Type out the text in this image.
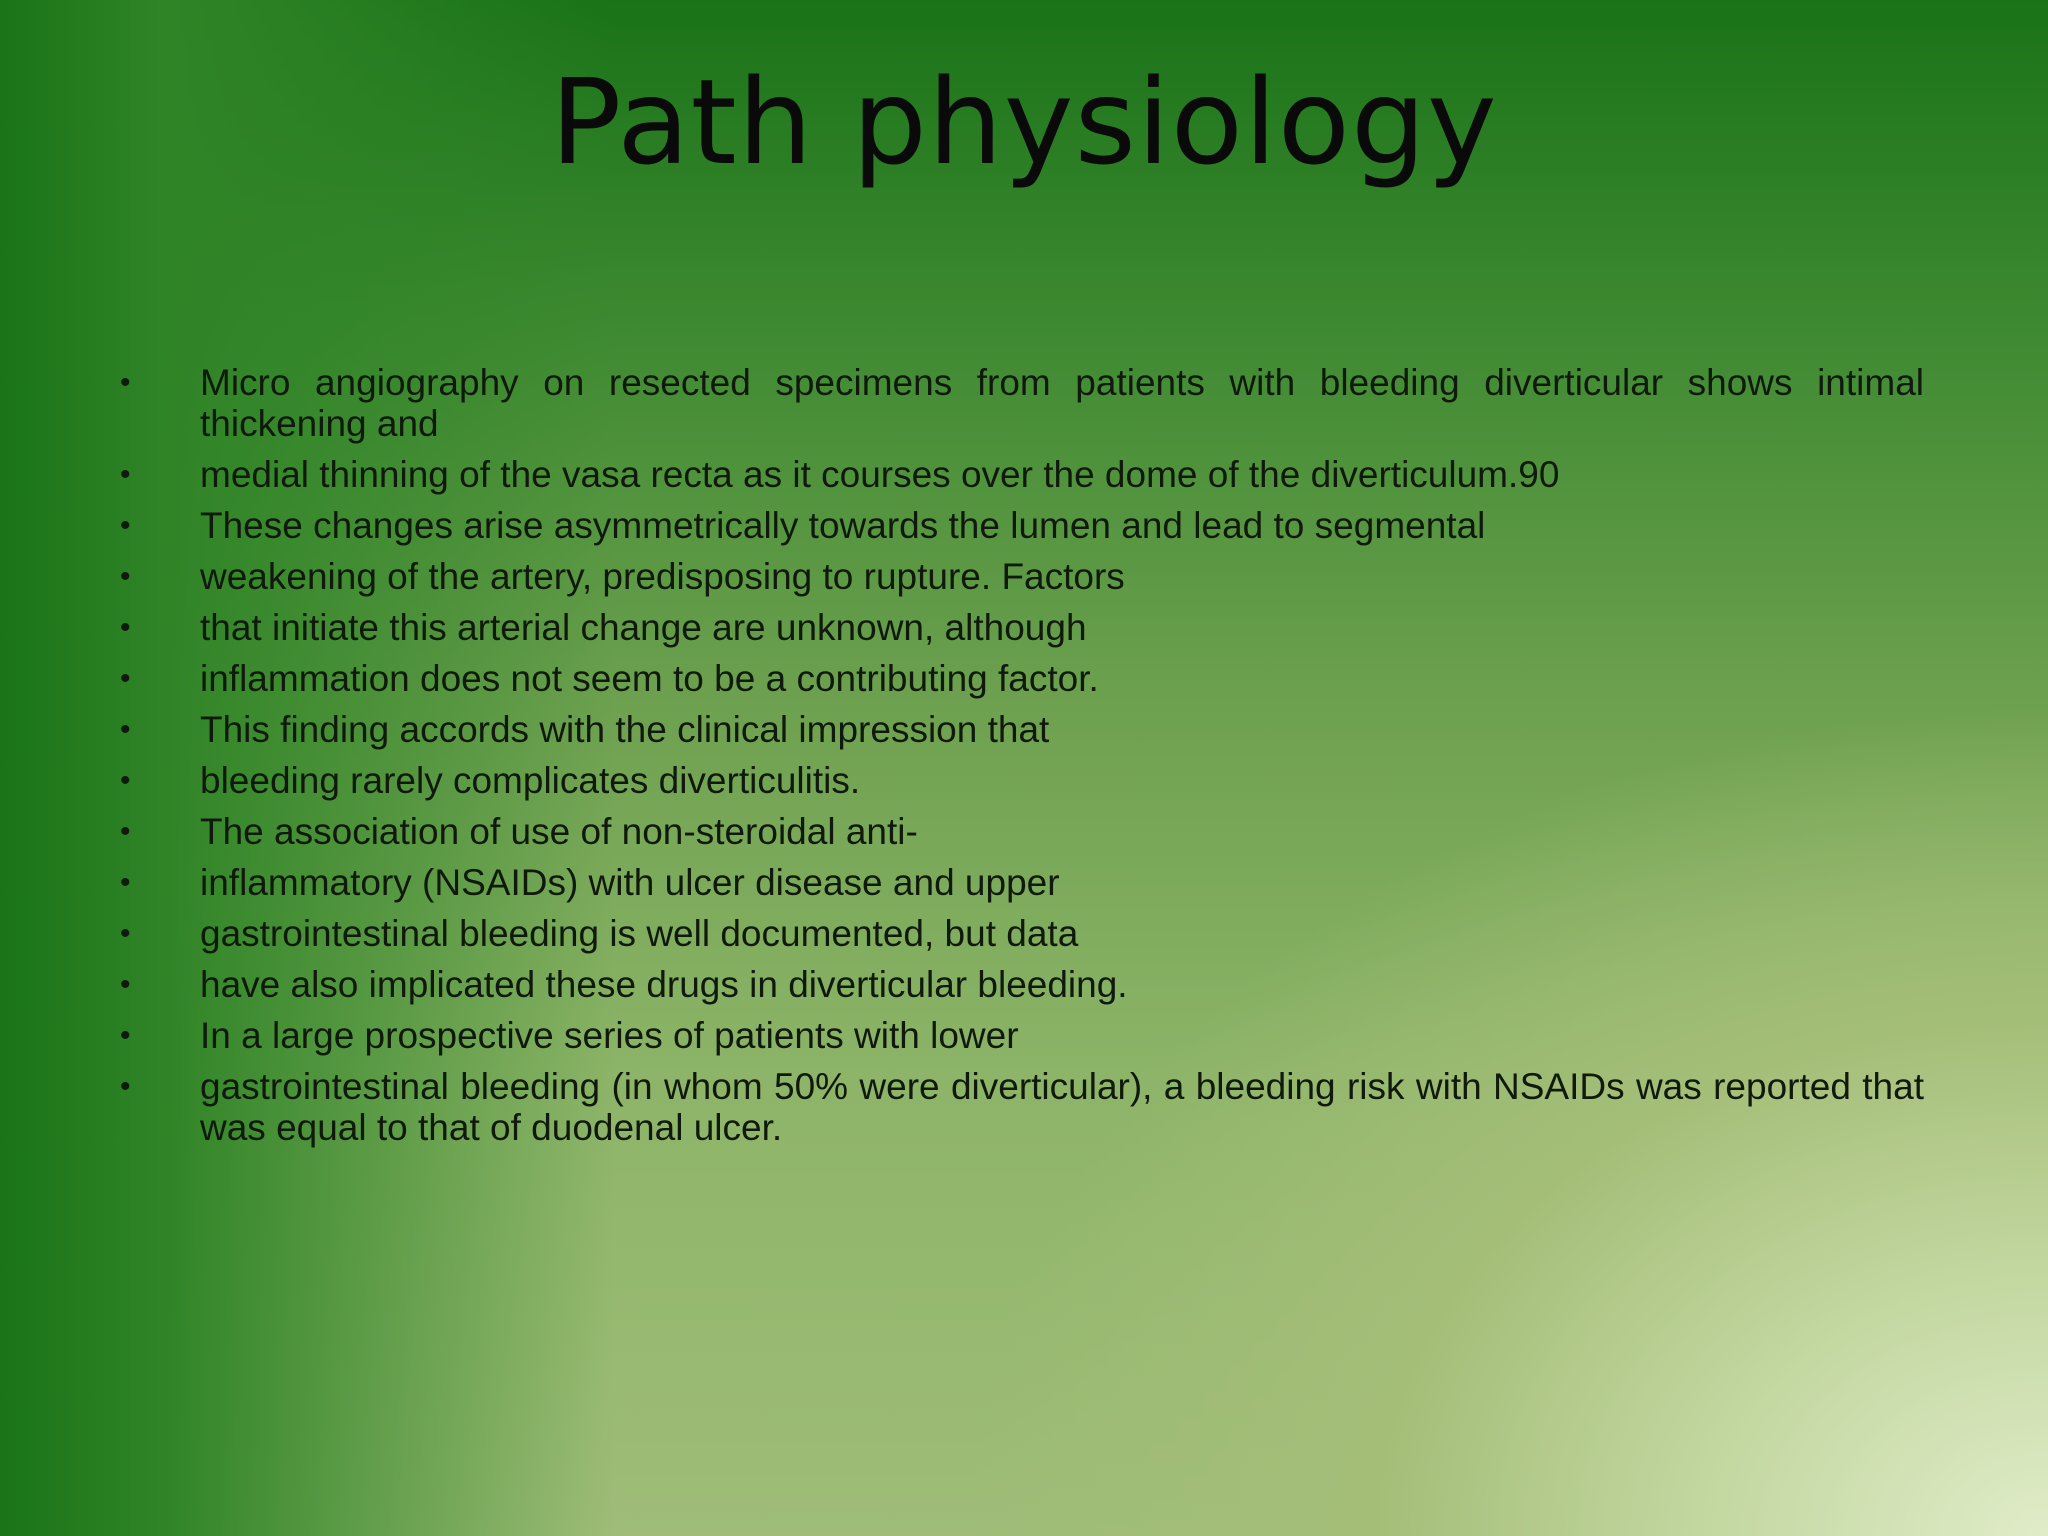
Path physiology
• Micro angiography on resected specimens from patients with bleeding diverticular shows intimal thickening and
• medial thinning of the vasa recta as it courses over the dome of the diverticulum.90
• These changes arise asymmetrically towards the lumen and lead to segmental
• weakening of the artery, predisposing to rupture. Factors
• that initiate this arterial change are unknown, although
• inflammation does not seem to be a contributing factor.
• This finding accords with the clinical impression that
• bleeding rarely complicates diverticulitis.
• The association of use of non-steroidal anti-
• inflammatory (NSAIDs) with ulcer disease and upper
• gastrointestinal bleeding is well documented, but data
• have also implicated these drugs in diverticular bleeding.
• In a large prospective series of patients with lower
• gastrointestinal bleeding (in whom 50% were diverticular), a bleeding risk with NSAIDs was reported that was equal to that of duodenal ulcer.
